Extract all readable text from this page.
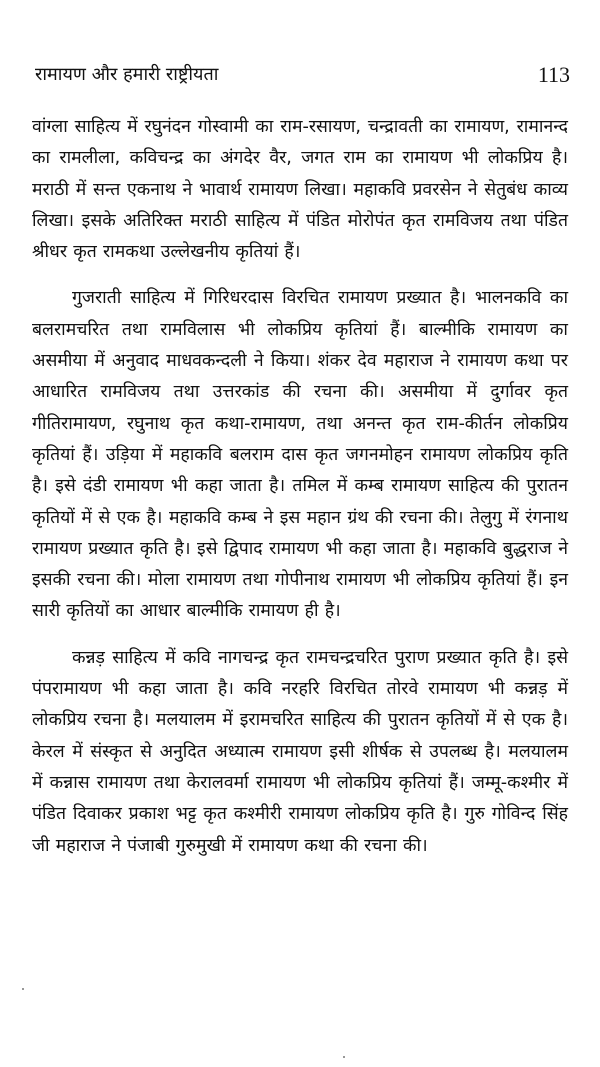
रामायण और हमारी राष्ट्रीयता	113

वांग्ला साहित्य में रघुनंदन गोस्वामी का राम-रसायण, चन्द्रावती का रामायण, रामानन्द का रामलीला, कविचन्द्र का अंगदेर वैर, जगत राम का रामायण भी लोकप्रिय है। मराठी में सन्त एकनाथ ने भावार्थ रामायण लिखा। महाकवि प्रवरसेन ने सेतुबंध काव्य लिखा। इसके अतिरिक्त मराठी साहित्य में पंडित मोरोपंत कृत रामविजय तथा पंडित श्रीधर कृत रामकथा उल्लेखनीय कृतियां हैं।

गुजराती साहित्य में गिरिधरदास विरचित रामायण प्रख्यात है। भालनकवि का बलरामचरित तथा रामविलास भी लोकप्रिय कृतियां हैं। बाल्मीकि रामायण का असमीया में अनुवाद माधवकन्दली ने किया। शंकर देव महाराज ने रामायण कथा पर आधारित रामविजय तथा उत्तरकांड की रचना की। असमीया में दुर्गावर कृत गीतिरामायण, रघुनाथ कृत कथा-रामायण, तथा अनन्त कृत राम-कीर्तन लोकप्रिय कृतियां हैं। उड़िया में महाकवि बलराम दास कृत जगनमोहन रामायण लोकप्रिय कृति है। इसे दंडी रामायण भी कहा जाता है। तमिल में कम्ब रामायण साहित्य की पुरातन कृतियों में से एक है। महाकवि कम्ब ने इस महान ग्रंथ की रचना की। तेलुगु में रंगनाथ रामायण प्रख्यात कृति है। इसे द्विपाद रामायण भी कहा जाता है। महाकवि बुद्धराज ने इसकी रचना की। मोला रामायण तथा गोपीनाथ रामायण भी लोकप्रिय कृतियां हैं। इन सारी कृतियों का आधार बाल्मीकि रामायण ही है।

कन्नड़ साहित्य में कवि नागचन्द्र कृत रामचन्द्रचरित पुराण प्रख्यात कृति है। इसे पंपरामायण भी कहा जाता है। कवि नरहरि विरचित तोरवे रामायण भी कन्नड़ में लोकप्रिय रचना है। मलयालम में इरामचरित साहित्य की पुरातन कृतियों में से एक है। केरल में संस्कृत से अनुदित अध्यात्म रामायण इसी शीर्षक से उपलब्ध है। मलयालम में कन्नास रामायण तथा केरालवर्मा रामायण भी लोकप्रिय कृतियां हैं। जम्मू-कश्मीर में पंडित दिवाकर प्रकाश भट्ट कृत कश्मीरी रामायण लोकप्रिय कृति है। गुरु गोविन्द सिंह जी महाराज ने पंजाबी गुरुमुखी में रामायण कथा की रचना की।
